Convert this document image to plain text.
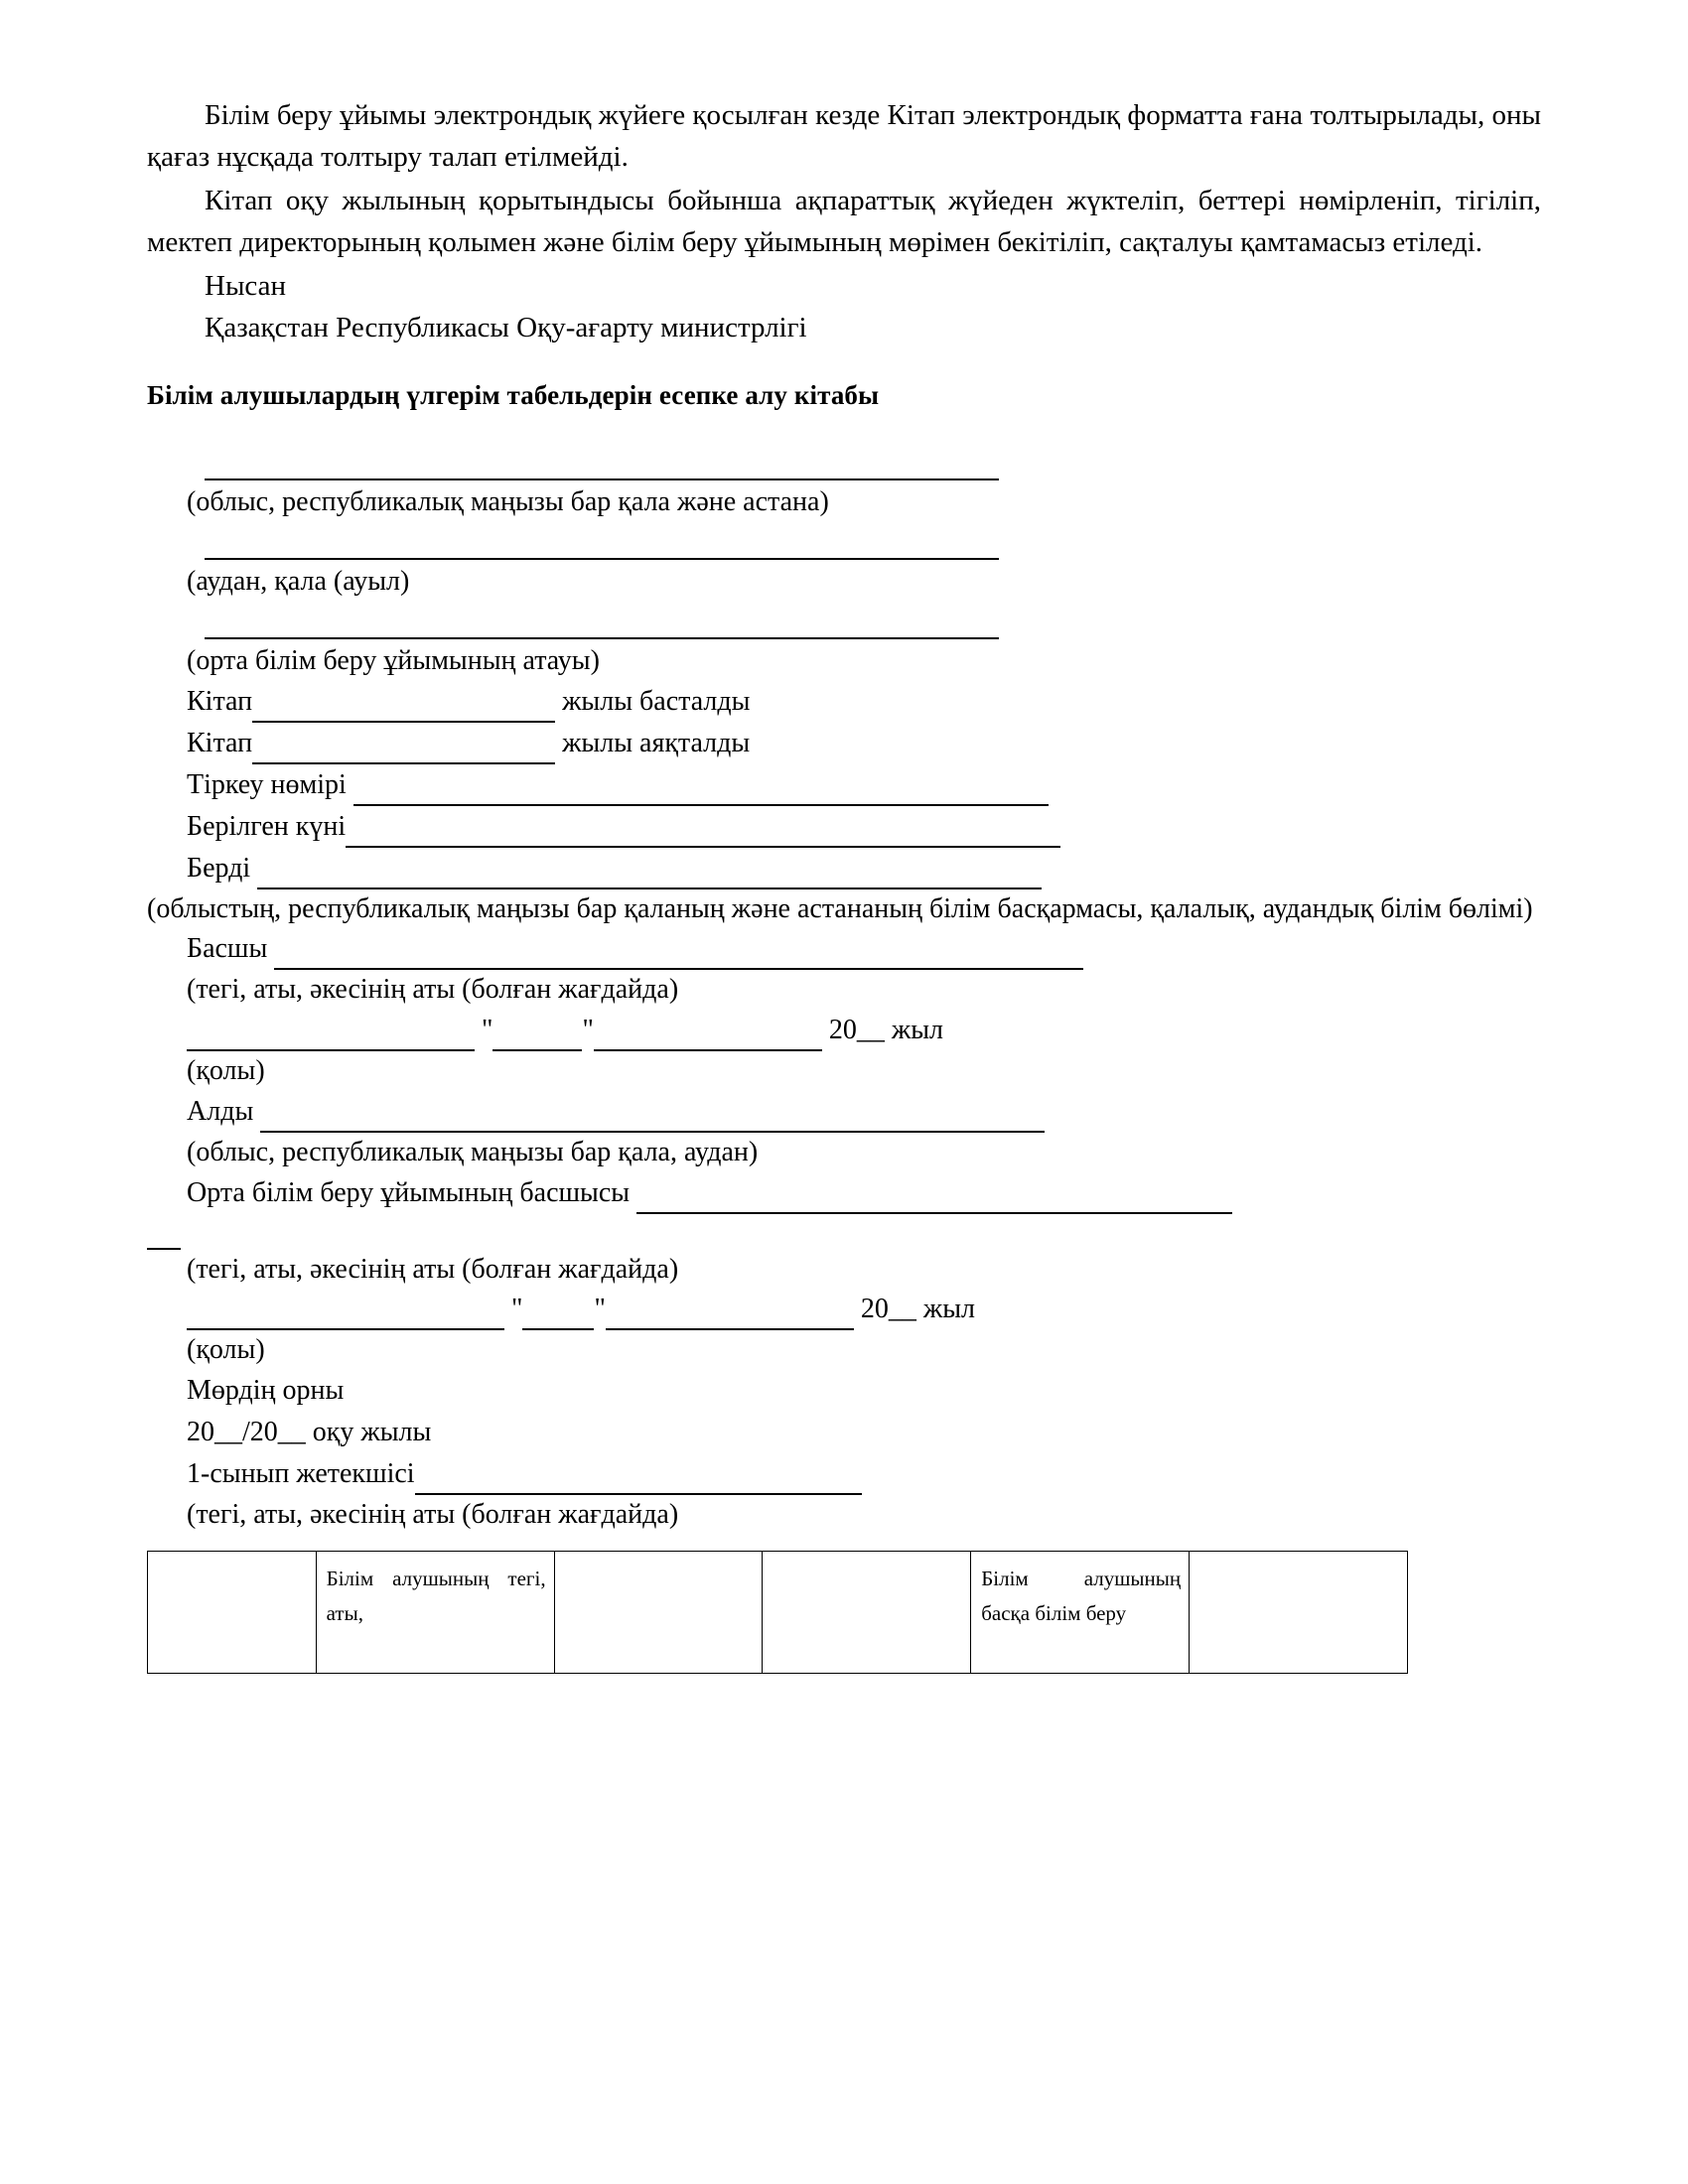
Білім беру ұйымы электрондық жүйеге қосылған кезде Кітап электрондық форматта ғана толтырылады, оны қағаз нұсқада толтыру талап етілмейді.

Кітап оқу жылының қорытындысы бойынша ақпараттық жүйеден жүктеліп, беттері нөмірленіп, тігіліп, мектеп директорының қолымен және білім беру ұйымының мөрімен бекітіліп, сақталуы қамтамасыз етіледі.

Нысан

Қазақстан Республикасы Оқу-ағарту министрлігі

Білім алушылардың үлгерім табельдерін есепке алу кітабы

(облыс, республикалық маңызы бар қала және астана)

(аудан, қала (ауыл)

(орта білім беру ұйымының атауы)

Кітап	жылы басталды

Кітап	жылы аяқталды

Тіркеу нөмірі

Берілген күні

Берді

(облыстың, республикалық маңызы бар қаланың және астананың білім басқармасы, қалалық, аудандық білім бөлімі)

Басшы

(тегі, аты, әкесінің аты (болған жағдайда)

"	"	20__ жыл

(қолы)

Алды

(облыс, республикалық маңызы бар қала, аудан)

Орта білім беру ұйымының басшысы

(тегі, аты, әкесінің аты (болған жағдайда)

"	"	20__ жыл

(қолы)

Мөрдің орны

20__/20__ оқу жылы

1-сынып жетекшісі

(тегі, аты, әкесінің аты (болған жағдайда)

	Білім алушының тегі, аты,			Білім алушының басқа білім беру	
